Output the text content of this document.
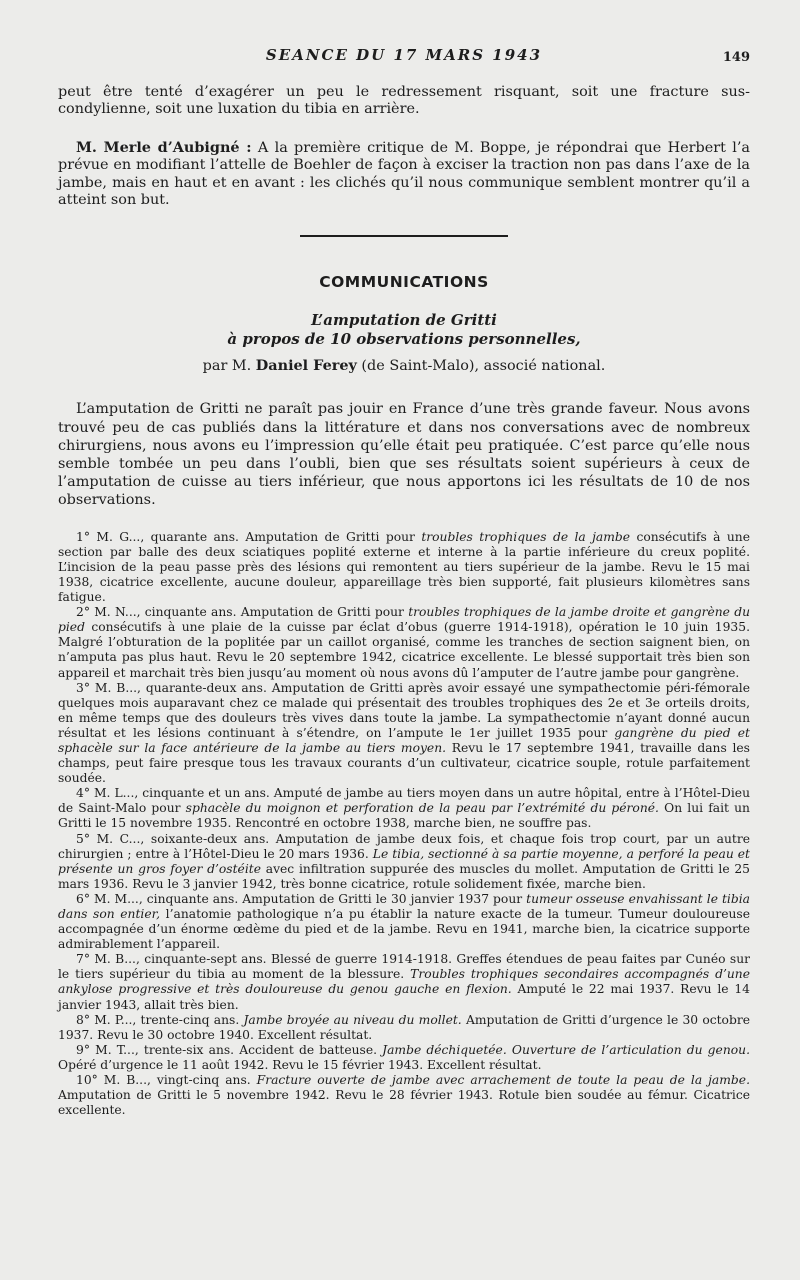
SEANCE DU 17 MARS 1943	149

peut être tenté d’exagérer un peu le redressement risquant, soit une fracture sus-condylienne, soit une luxation du tibia en arrière.

M. Merle d’Aubigné : A la première critique de M. Boppe, je répondrai que Herbert l’a prévue en modifiant l’attelle de Boehler de façon à exciser la traction non pas dans l’axe de la jambe, mais en haut et en avant : les clichés qu’il nous communique semblent montrer qu’il a atteint son but.

COMMUNICATIONS
L’amputation de Gritti
à propos de 10 observations personnelles,
par M. Daniel Ferey (de Saint-Malo), associé national.

L’amputation de Gritti ne paraît pas jouir en France d’une très grande faveur. Nous avons trouvé peu de cas publiés dans la littérature et dans nos conversations avec de nombreux chirurgiens, nous avons eu l’impression qu’elle était peu pratiquée. C’est parce qu’elle nous semble tombée un peu dans l’oubli, bien que ses résultats soient supérieurs à ceux de l’amputation de cuisse au tiers inférieur, que nous apportons ici les résultats de 10 de nos observations.

1° M. G..., quarante ans. Amputation de Gritti pour troubles trophiques de la jambe consécutifs à une section par balle des deux sciatiques poplité externe et interne à la partie inférieure du creux poplité. L’incision de la peau passe près des lésions qui remontent au tiers supérieur de la jambe. Revu le 15 mai 1938, cicatrice excellente, aucune douleur, appareillage très bien supporté, fait plusieurs kilomètres sans fatigue.

2° M. N..., cinquante ans. Amputation de Gritti pour troubles trophiques de la jambe droite et gangrène du pied consécutifs à une plaie de la cuisse par éclat d’obus (guerre 1914-1918), opération le 10 juin 1935. Malgré l’obturation de la poplitée par un caillot organisé, comme les tranches de section saignent bien, on n’amputa pas plus haut. Revu le 20 septembre 1942, cicatrice excellente. Le blessé supportait très bien son appareil et marchait très bien jusqu’au moment où nous avons dû l’amputer de l’autre jambe pour gangrène.

3° M. B..., quarante-deux ans. Amputation de Gritti après avoir essayé une sympathectomie péri-fémorale quelques mois auparavant chez ce malade qui présentait des troubles trophiques des 2e et 3e orteils droits, en même temps que des douleurs très vives dans toute la jambe. La sympathectomie n’ayant donné aucun résultat et les lésions continuant à s’étendre, on l’ampute le 1er juillet 1935 pour gangrène du pied et sphacèle sur la face antérieure de la jambe au tiers moyen. Revu le 17 septembre 1941, travaille dans les champs, peut faire presque tous les travaux courants d’un cultivateur, cicatrice souple, rotule parfaitement soudée.

4° M. L..., cinquante et un ans. Amputé de jambe au tiers moyen dans un autre hôpital, entre à l’Hôtel-Dieu de Saint-Malo pour sphacèle du moignon et perforation de la peau par l’extrémité du péroné. On lui fait un Gritti le 15 novembre 1935. Rencontré en octobre 1938, marche bien, ne souffre pas.

5° M. C..., soixante-deux ans. Amputation de jambe deux fois, et chaque fois trop court, par un autre chirurgien ; entre à l’Hôtel-Dieu le 20 mars 1936. Le tibia, sectionné à sa partie moyenne, a perforé la peau et présente un gros foyer d’ostéite avec infiltration suppurée des muscles du mollet. Amputation de Gritti le 25 mars 1936. Revu le 3 janvier 1942, très bonne cicatrice, rotule solidement fixée, marche bien.

6° M. M..., cinquante ans. Amputation de Gritti le 30 janvier 1937 pour tumeur osseuse envahissant le tibia dans son entier, l’anatomie pathologique n’a pu établir la nature exacte de la tumeur. Tumeur douloureuse accompagnée d’un énorme œdème du pied et de la jambe. Revu en 1941, marche bien, la cicatrice supporte admirablement l’appareil.

7° M. B..., cinquante-sept ans. Blessé de guerre 1914-1918. Greffes étendues de peau faites par Cunéo sur le tiers supérieur du tibia au moment de la blessure. Troubles trophiques secondaires accompagnés d’une ankylose progressive et très douloureuse du genou gauche en flexion. Amputé le 22 mai 1937. Revu le 14 janvier 1943, allait très bien.

8° M. P..., trente-cinq ans. Jambe broyée au niveau du mollet. Amputation de Gritti d’urgence le 30 octobre 1937. Revu le 30 octobre 1940. Excellent résultat.

9° M. T..., trente-six ans. Accident de batteuse. Jambe déchiquetée. Ouverture de l’articulation du genou. Opéré d’urgence le 11 août 1942. Revu le 15 février 1943. Excellent résultat.

10° M. B..., vingt-cinq ans. Fracture ouverte de jambe avec arrachement de toute la peau de la jambe. Amputation de Gritti le 5 novembre 1942. Revu le 28 février 1943. Rotule bien soudée au fémur. Cicatrice excellente.
